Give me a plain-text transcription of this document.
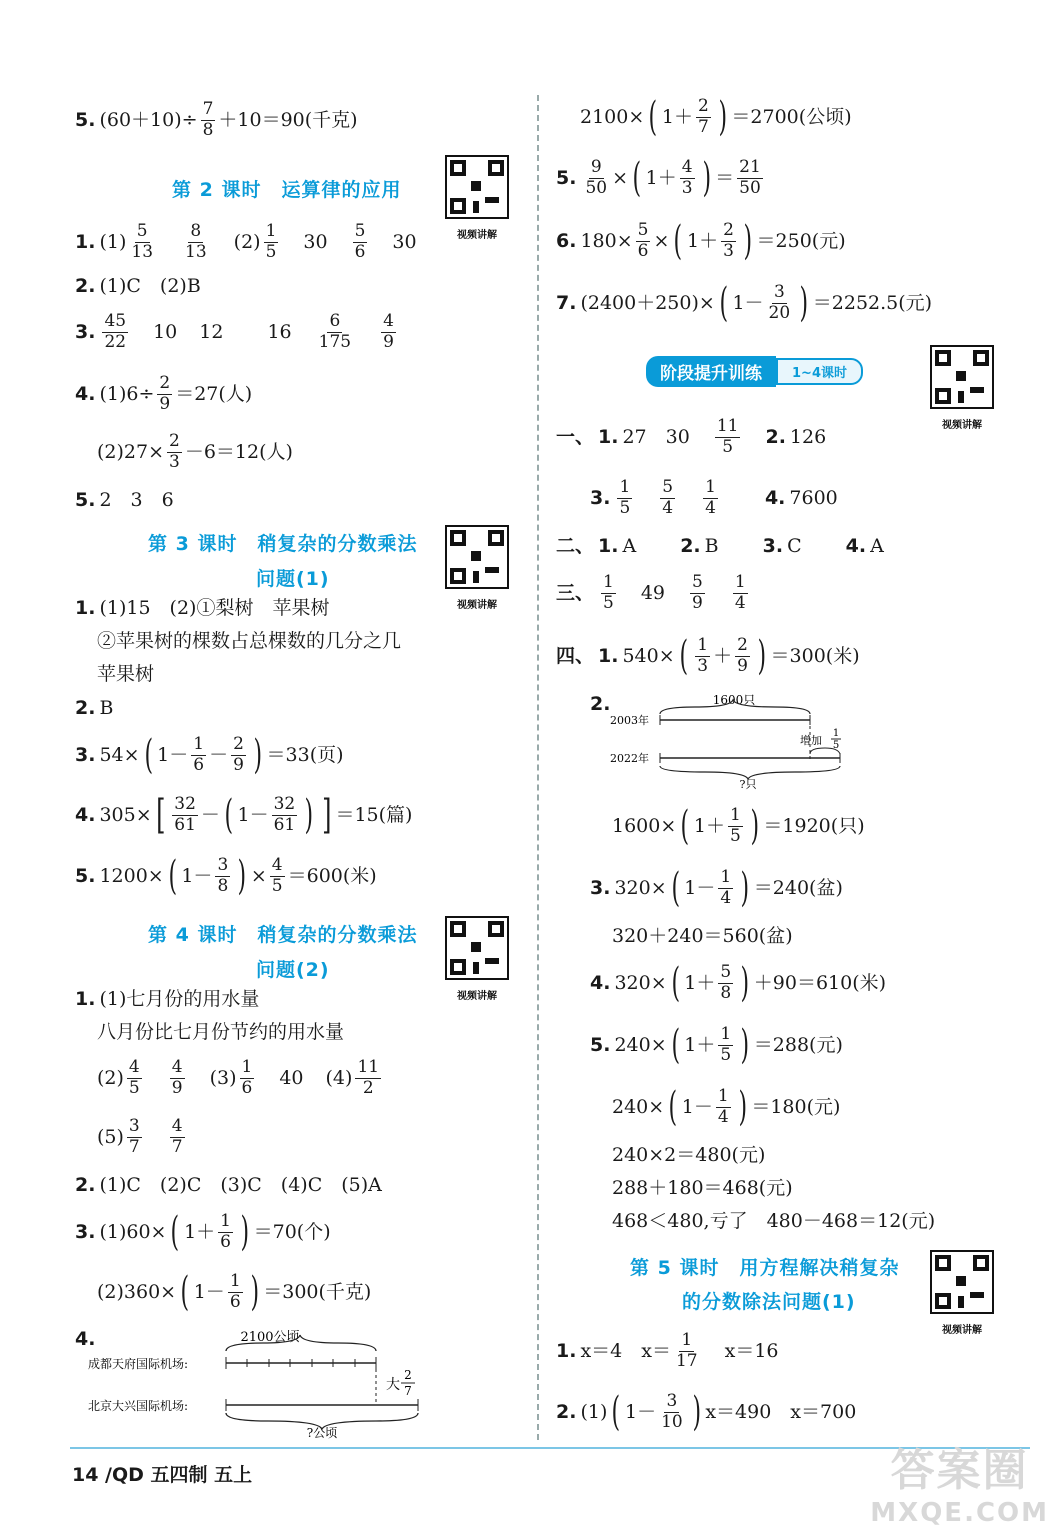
5. $(60+10)\div \frac{7}{8} +10=90$(千克)
第 2 课时　运算律的应用
视频讲解
1. $(1) \frac{5}{13} \frac{8}{13} (2) \frac{1}{5} 30 \frac{5}{6} 30$
2. (1)C　(2)B
3. $\frac{45}{22} 10$ 12 $16 \frac{6}{175} \frac{4}{9}$
4. $(1)6\div \frac{2}{9} =27$(人)
$(2)27\times \frac{2}{3} -6=12$(人)
5. 2　3　6
第 3 课时　稍复杂的分数乘法
问题(1)
视频讲解
1. (1)15　(2)①梨树　苹果树
②苹果树的棵数占总棵数的几分之几
苹果树
2. B
3. 54× ( $1- \frac{1}{6} - \frac{2}{9}$ ) ＝33(页)
4. 305× [ $\frac{32}{61}$ － ( $1- \frac{32}{61}$ ) ] ＝15(篇)
5. 1200× ( $1- \frac{3}{8}$ ) × $\frac{4}{5} =600$(米)
第 4 课时　稍复杂的分数乘法
问题(2)
视频讲解
1. (1)七月份的用水量
八月份比七月份节约的用水量
$(2) \frac{4}{5} \frac{4}{9} (3) \frac{1}{6} 40$ $(4) \frac{11}{2}$
$(5) \frac{3}{7} \frac{4}{7}$
2. (1)C　(2)C　(3)C　(4)C　(5)A
3. (1)60× ( $1+ \frac{1}{6}$ ) ＝70(个)
(2)360× ( $1- \frac{1}{6}$ ) ＝300(千克)
4.	2100公顷
成都天府国际机场:
大
2
7
北京大兴国际机场:
?公顷
2100× ( $1+ \frac{2}{7}$ ) ＝2700(公顷)
5. $\frac{9}{50}$ × ( $1+ \frac{4}{3}$ ) ＝ $\frac{21}{50}$
6. $180\times \frac{5}{6}$ × ( $1+ \frac{2}{3}$ ) ＝250(元)
7. (2400＋250)× ( $1- \frac{3}{20}$ ) ＝2252.5(元)
阶段提升训练	1~4课时
视频讲解
一、 1. 27　$30 \frac{11}{5} 2$. 126
3. $\frac{1}{5} \frac{5}{4} \frac{1}{4} 4$. 7600
二、 1. A 2. B 3. C 4. A
三、 $\frac{1}{5} 49 \frac{5}{9} \frac{1}{4}$
四、 1. 540× ( $\frac{1}{3} + \frac{2}{9}$ ) ＝300(米)
2.	1600只
2003年
增加
1
5
2022年
?只
1600× ( $1+ \frac{1}{5}$ ) ＝1920(只)
3. 320× ( $1- \frac{1}{4}$ ) ＝240(盆)
320＋240＝560(盆)
4. 320× ( $1+ \frac{5}{8}$ ) ＋90＝610(米)
5. 240× ( $1+ \frac{1}{5}$ ) ＝288(元)
240× ( $1- \frac{1}{4}$ ) ＝180(元)
240×2＝480(元)
288＋180＝468(元)
468＜480,亏了　480－468＝12(元)
第 5 课时　用方程解决稍复杂
的分数除法问题(1)
视频讲解
1. x＝4　$x= \frac{1}{17} x=16$
2. (1) ( $1- \frac{3}{10}$ ) x＝490　x＝700
14 /QD 五四制 五上	答案圈
MXQE.COM
